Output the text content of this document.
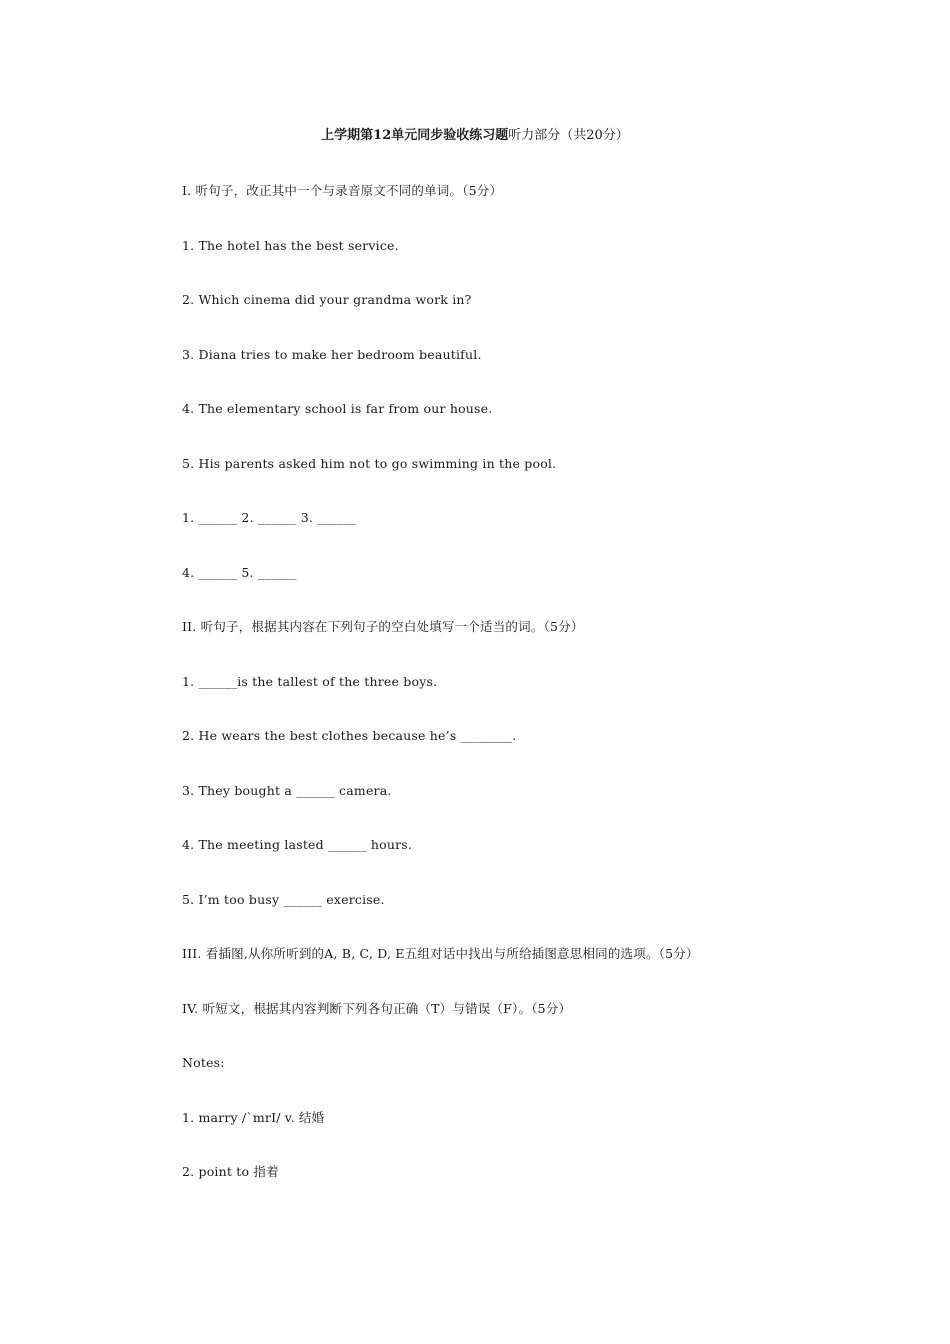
上学期第12单元同步验收练习题听力部分（共20分）
I. 听句子，改正其中一个与录音原文不同的单词。（5分）
1. The hotel has the best service.
2. Which cinema did your grandma work in?
3. Diana tries to make her bedroom beautiful.
4. The elementary school is far from our house.
5. His parents asked him not to go swimming in the pool.
1. ______ 2. ______ 3. ______
4. ______ 5. ______
II. 听句子，根据其内容在下列句子的空白处填写一个适当的词。（5分）
1. ______is the tallest of the three boys.
2. He wears the best clothes because he’s ________.
3. They bought a ______ camera.
4. The meeting lasted ______ hours.
5. I’m too busy ______ exercise.
III. 看插图,从你所听到的A, B, C, D, E五组对话中找出与所给插图意思相同的选项。（5分）
IV. 听短文，根据其内容判断下列各句正确（T）与错误（F）。（5分）
Notes:
1. marry /`mrI/ v. 结婚
2. point to 指着
